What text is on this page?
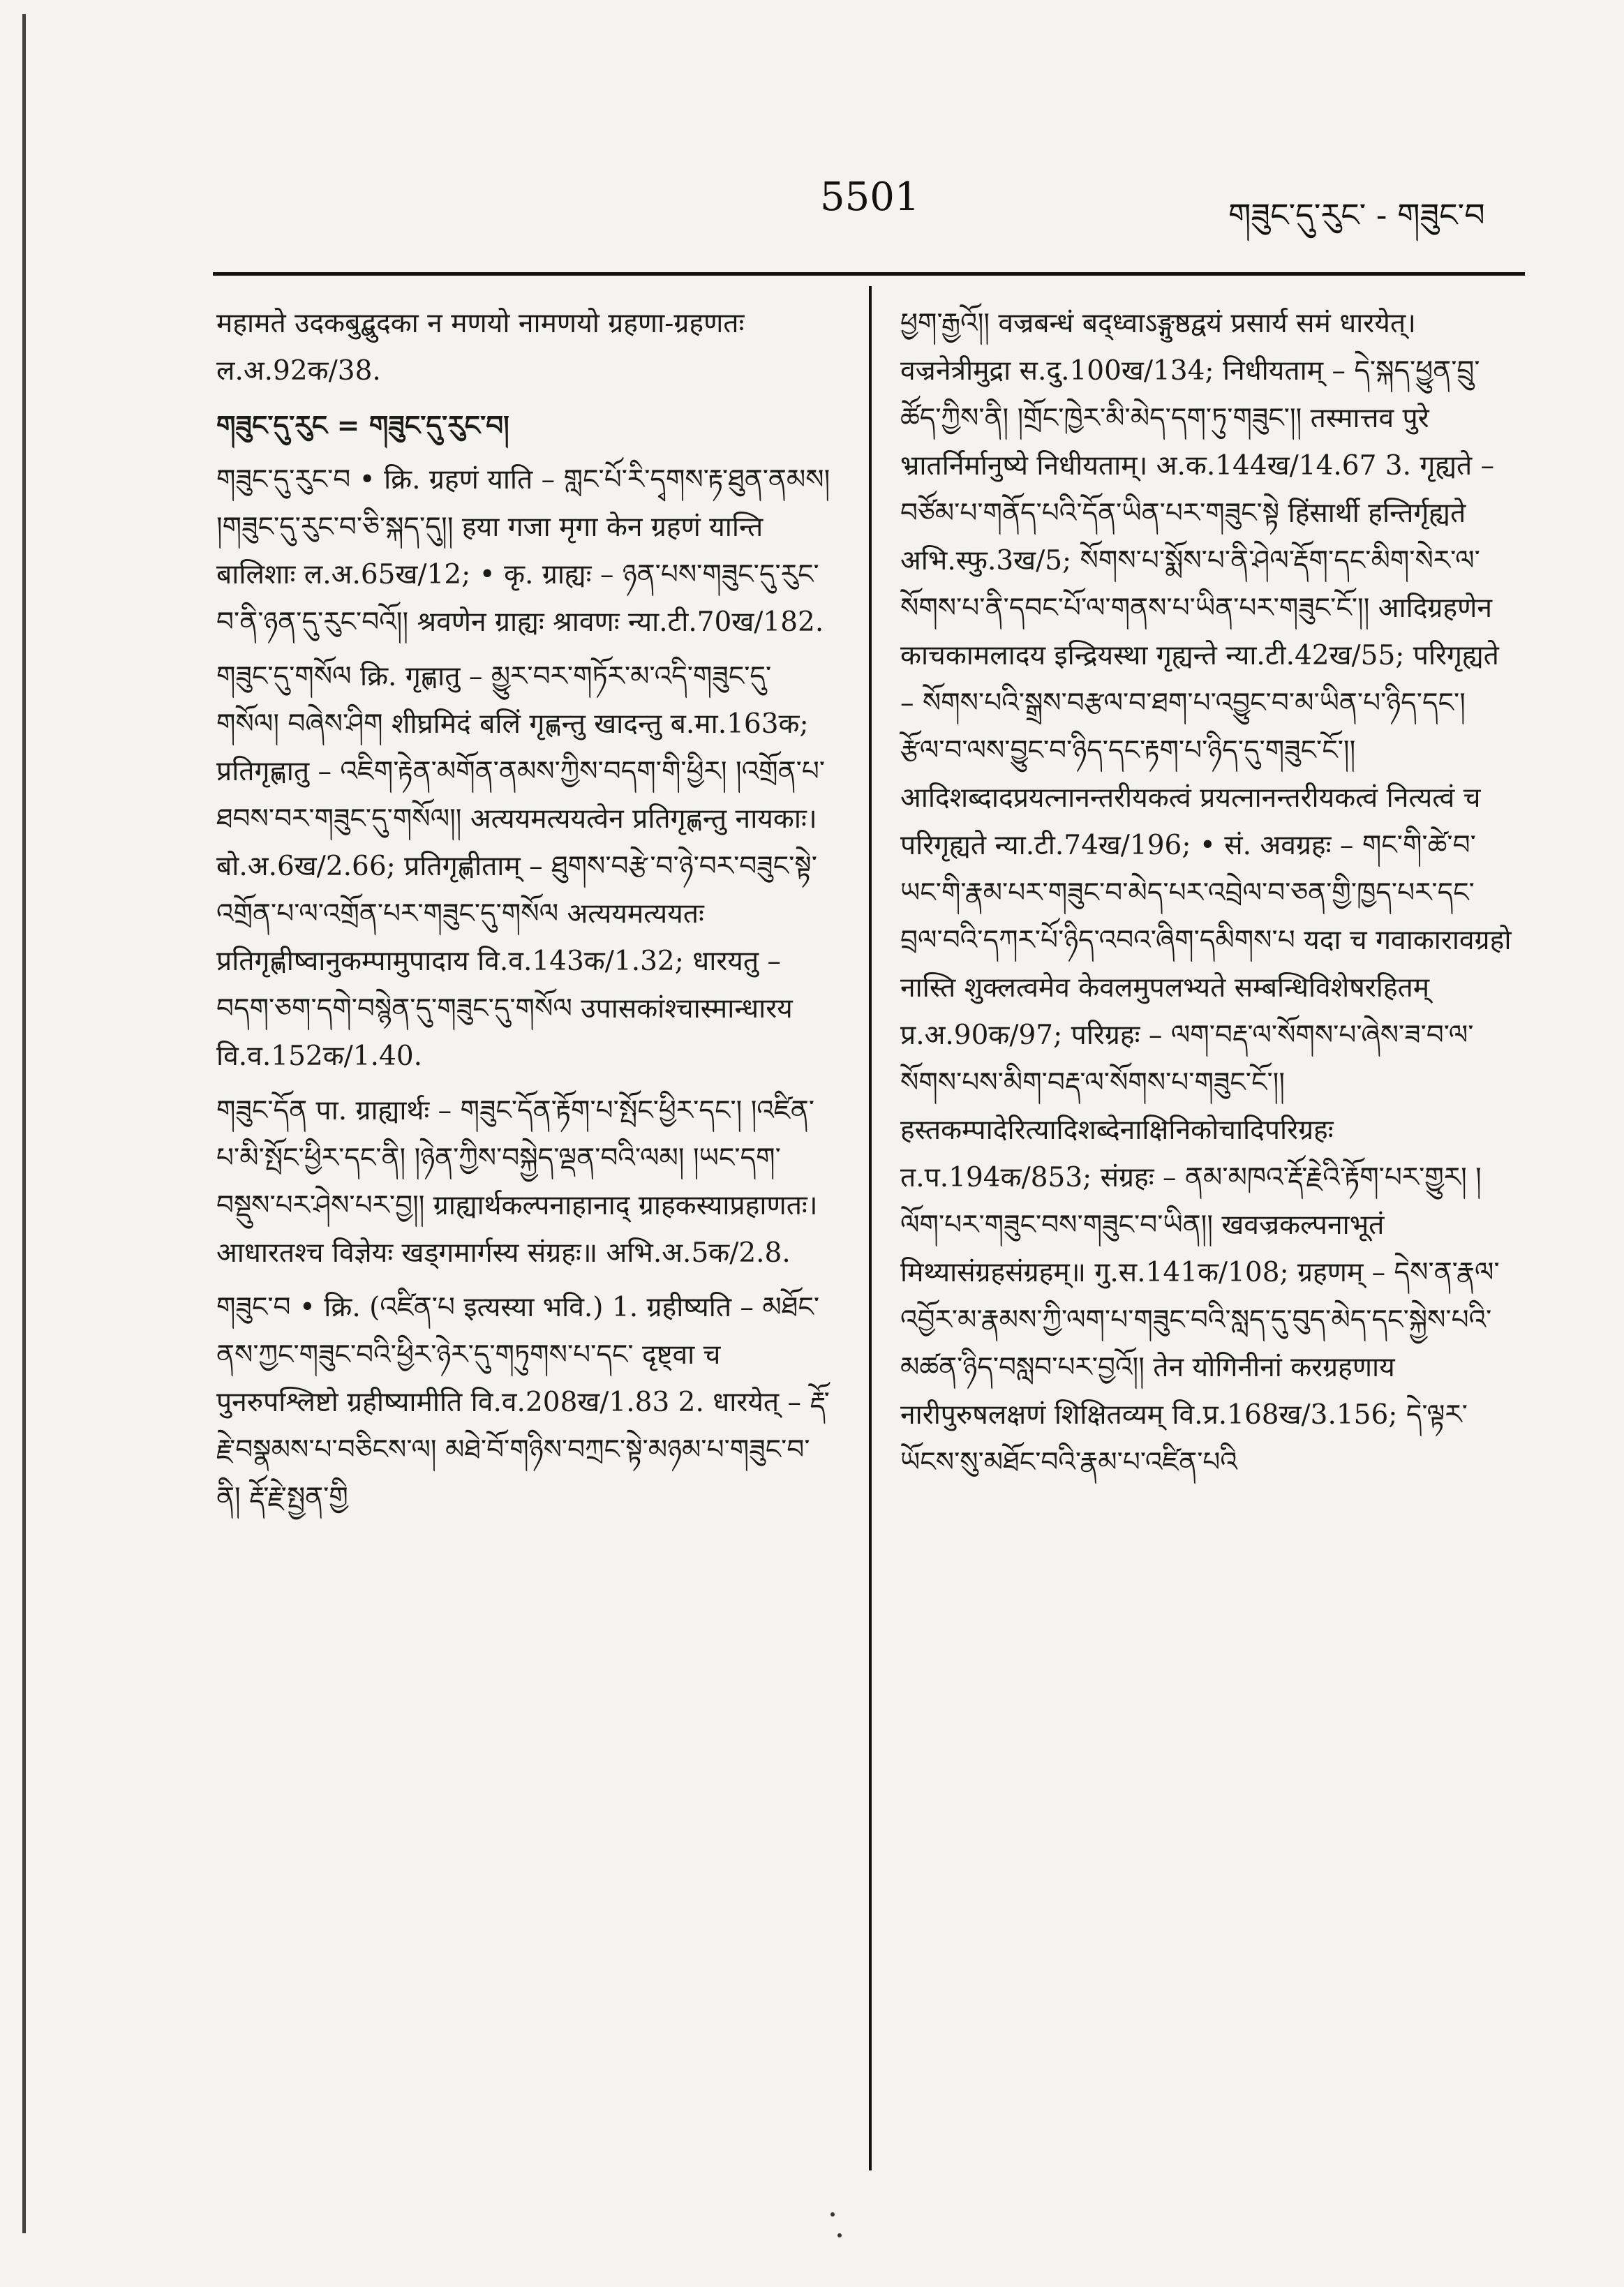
5501	གཟུང་དུ་རུང་ - གཟུང་བ

महामते उदकबुद्बुदका न मणयो नामणयो ग्रहणा-ग्रहणतः ल.अ.92क/38.

གཟུང་དུ་རུང = གཟུང་དུ་རུང་བ།

གཟུང་དུ་རུང་བ • क्रि. ग्रहणं याति – གླང་པོ་རི་དྭགས་རྟ་ཐུན་ནམས། །གཟུང་དུ་རུང་བ་ཅི་སྐད་དུ།། हया गजा मृगा केन ग्रहणं यान्ति बालिशाः ल.अ.65ख/12; • कृ. ग्राह्यः – ཉན་པས་གཟུང་དུ་རུང་བ་ནི་ཉན་དུ་རུང་བའོ།། श्रवणेन ग्राह्यः श्रावणः न्या.टी.70ख/182.

གཟུང་དུ་གསོལ क्रि. गृह्णातु – མྱུར་བར་གཏོར་མ་འདི་གཟུང་དུ་གསོལ། བཞེས་ཤིག शीघ्रमिदं बलिं गृह्णन्तु खादन्तु ब.मा.163क; प्रतिगृह्णातु – འཇིག་རྟེན་མགོན་ནམས་ཀྱིས་བདག་གི་ཕྱིར། །འགྲོན་པ་ཐབས་བར་གཟུང་དུ་གསོལ།། अत्ययमत्ययत्वेन प्रतिगृह्णन्तु नायकाः। बो.अ.6ख/2.66; प्रतिगृह्णीताम् – ཐུགས་བརྩེ་བ་ཉེ་བར་བཟུང་སྟེ་འགྲོན་པ་ལ་འགྲོན་པར་གཟུང་དུ་གསོལ अत्ययमत्ययतः प्रतिगृह्णीष्वानुकम्पामुपादाय वि.व.143क/1.32; धारयतु – བདག་ཅག་དགེ་བསྙེན་དུ་གཟུང་དུ་གསོལ उपासकांश्चास्मान्धारय वि.व.152क/1.40.

གཟུང་དོན पा. ग्राह्यार्थः – གཟུང་དོན་རྟོག་པ་སྤོང་ཕྱིར་དང་། །འཛིན་པ་མི་སྤོང་ཕྱིར་དང་ནི། །ཉེན་ཀྱིས་བསྐྱེད་ལྡན་བའི་ལམ། །ཡང་དག་བསྡུས་པར་ཤེས་པར་བྱ།། ग्राह्यार्थकल्पनाहानाद् ग्राहकस्याप्रहाणतः। आधारतश्च विज्ञेयः खड्गमार्गस्य संग्रहः॥ अभि.अ.5क/2.8.

གཟུང་བ • क्रि. (འཛིན་པ इत्यस्या भवि.) 1. ग्रहीष्यति – མཐོང་ནས་ཀྱང་གཟུང་བའི་ཕྱིར་ཉེར་དུ་གཏུགས་པ་དང་ दृष्ट्वा च पुनरुपश्लिष्टो ग्रहीष्यामीति वि.व.208ख/1.83 2. धारयेत् – རྡོ་རྗེ་བསྣམས་པ་བཅིངས་ལ། མཐེ་བོ་གཉིས་བཀྲང་སྟེ་མཉམ་པ་གཟུང་བ་ནི། རྡོ་རྗེ་སྤྱན་གྱི

ཕྱག་རྒྱའོ།། वज्रबन्धं बद्ध्वाऽङ्गुष्ठद्वयं प्रसार्य समं धारयेत्। वज्रनेत्रीमुद्रा स.दु.100ख/134; निधीयताम् – དེ་སྐད་ཕྱུན་བྲུ་ཚོད་ཀྱིས་ནི། །གྲོང་ཁྱེར་མི་མེད་དག་ཏུ་གཟུང་།། तस्मात्तव पुरे भ्रातर्निर्मानुष्ये निधीयताम्। अ.क.144ख/14.67 3. गृह्यते – བཙོམ་པ་གནོད་པའི་དོན་ཡིན་པར་གཟུང་སྟེ हिंसार्थी हन्तिर्गृह्यते अभि.स्फु.3ख/5; སོགས་པ་སྨོས་པ་ནི་ཤེལ་རྡོག་དང་མིག་སེར་ལ་སོགས་པ་ནི་དབང་པོ་ལ་གནས་པ་ཡིན་པར་གཟུང་ངོ་།། आदिग्रहणेन काचकामलादय इन्द्रियस्था गृह्यन्ते न्या.टी.42ख/55; परिगृह्यते – སོགས་པའི་སྒྲས་བརྩལ་བ་ཐག་པ་འབྱུང་བ་མ་ཡིན་པ་ཉིད་དང་། རྩོལ་བ་ལས་བྱུང་བ་ཉིད་དང་རྟག་པ་ཉིད་དུ་གཟུང་ངོ་།། आदिशब्दादप्रयत्नानन्तरीयकत्वं प्रयत्नानन्तरीयकत्वं नित्यत्वं च परिगृह्यते न्या.टी.74ख/196; • सं. अवग्रहः – གང་གི་ཚེ་བ་ཡང་གི་རྣམ་པར་གཟུང་བ་མེད་པར་འབྲེལ་བ་ཅན་གྱི་ཁྱད་པར་དང་བྲལ་བའི་དཀར་པོ་ཉིད་འབའ་ཞིག་དམིགས་པ यदा च गवाकारावग्रहो नास्ति शुक्लत्वमेव केवलमुपलभ्यते सम्बन्धिविशेषरहितम् प्र.अ.90क/97; परिग्रहः – ལག་བརྡ་ལ་སོགས་པ་ཞེས་ཟ་བ་ལ་སོགས་པས་མིག་བརྡ་ལ་སོགས་པ་གཟུང་ངོ་།། हस्तकम्पादेरित्यादिशब्देनाक्षिनिकोचादिपरिग्रहः त.प.194क/853; संग्रहः – ནམ་མཁའ་རྡོ་རྗེའི་རྟོག་པར་གྱུར། །ལོག་པར་གཟུང་བས་གཟུང་བ་ཡིན།། खवज्रकल्पनाभूतं मिथ्यासंग्रहसंग्रहम्॥ गु.स.141क/108; ग्रहणम् – དེས་ན་རྣལ་འབྱོར་མ་རྣམས་ཀྱི་ལག་པ་གཟུང་བའི་སླད་དུ་བུད་མེད་དང་སྐྱེས་པའི་མཚན་ཉིད་བསླབ་པར་བྱའོ།། तेन योगिनीनां करग्रहणाय नारीपुरुषलक्षणं शिक्षितव्यम् वि.प्र.168ख/3.156; དེ་ལྟར་ཡོངས་སུ་མཐོང་བའི་རྣམ་པ་འཛིན་པའི
